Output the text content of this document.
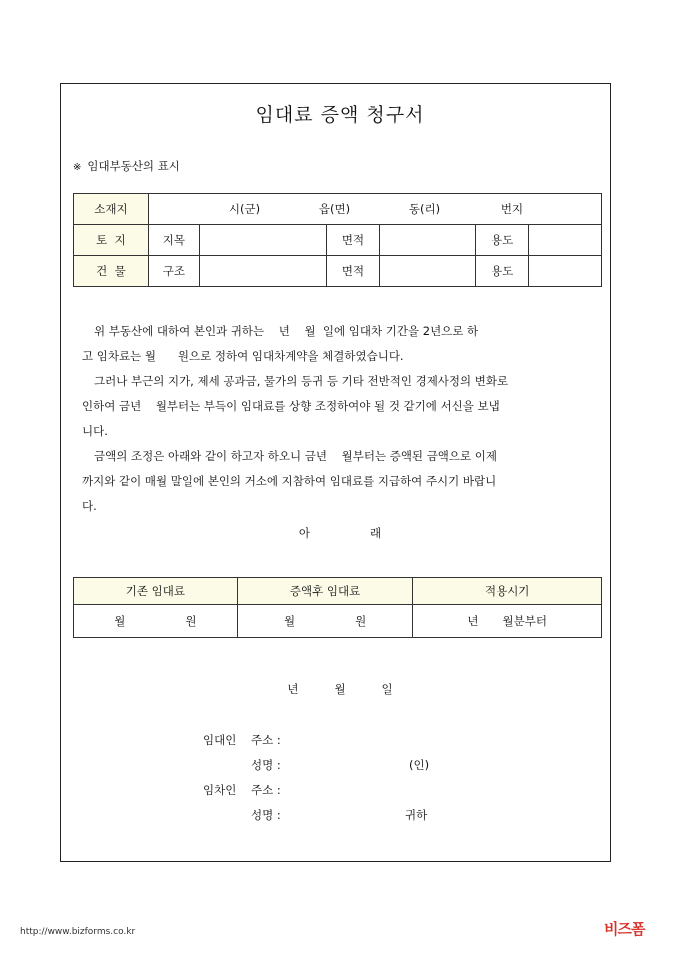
임대료 증액 청구서
※ 임대부동산의 표시
소재지	시(군) 읍(면) 동(리) 번지					

토  지	지목		면적		용도	
건  물	구조		면적		용도	

위 부동산에 대하여 본인과 귀하는    년    월  일에 임대차 기간을 2년으로 하

고 임차료는 월      원으로 정하여 임대차계약을 체결하였습니다.

그러나 부근의 지가, 제세 공과금, 물가의 등귀 등 기타 전반적인 경제사정의 변화로

인하여 금년    월부터는 부득이 임대료를 상향 조정하여야 될 것 같기에 서신을 보냅

니다.

금액의 조정은 아래와 같이 하고자 하오니 금년    월부터는 증액된 금액으로 이제

까지와 같이 매월 말일에 본인의 거소에 지참하여 임대료를 지급하여 주시기 바랍니

다.

아	래
기존 임대료	증액후 임대료	적용시기
월 원	월 원	년 월분부터
년	월	일
임대인 주소 :
성명 :	(인)
임차인 주소 :
성명 :	귀하
http://www.bizforms.co.kr	비즈폼
